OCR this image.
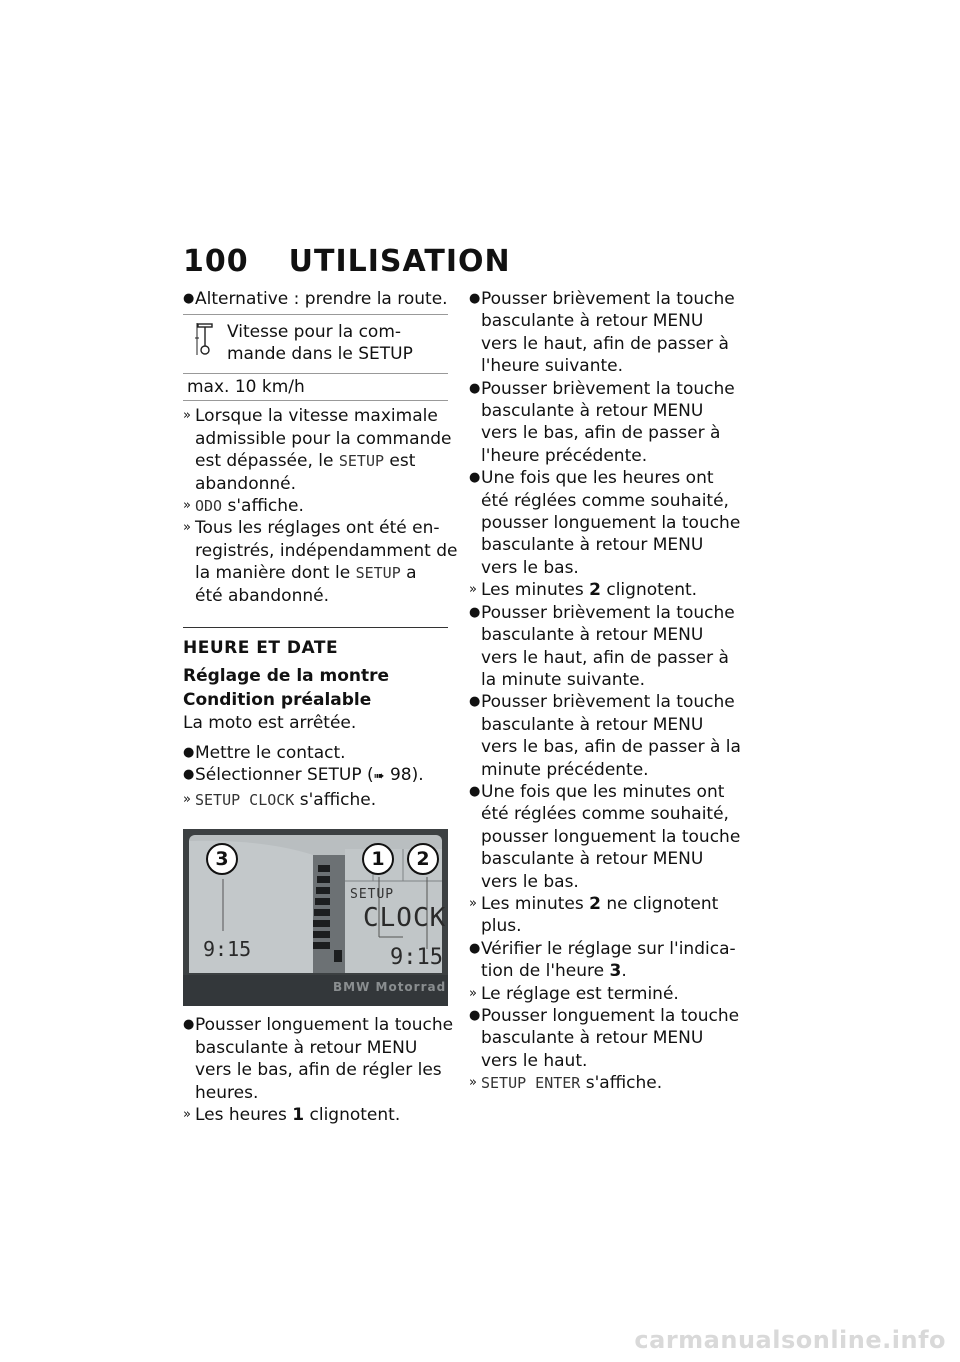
100 UTILISATION
● Alternative : prendre la route.
Vitesse pour la com-
mande dans le SETUP
max. 10 km/h
» Lorsque la vitesse maximale
admissible pour la commande
est dépassée, le SETUP est
abandonné.
» ODO s'affiche.
» Tous les réglages ont été en-
registrés, indépendamment de
la manière dont le SETUP a
été abandonné.
HEURE ET DATE
Réglage de la montre
Condition préalable
La moto est arrêtée.
● Mettre le contact.
● Sélectionner SETUP (➠ 98).
» SETUP CLOCK s'affiche.
SETUP
CLOCK
9:15	9:15
BMW Motorrad
3	1	2
● Pousser longuement la touche
basculante à retour MENU
vers le bas, afin de régler les
heures.
» Les heures 1 clignotent.
● Pousser brièvement la touche
basculante à retour MENU
vers le haut, afin de passer à
l'heure suivante.
● Pousser brièvement la touche
basculante à retour MENU
vers le bas, afin de passer à
l'heure précédente.
● Une fois que les heures ont
été réglées comme souhaité,
pousser longuement la touche
basculante à retour MENU
vers le bas.
» Les minutes 2 clignotent.
● Pousser brièvement la touche
basculante à retour MENU
vers le haut, afin de passer à
la minute suivante.
● Pousser brièvement la touche
basculante à retour MENU
vers le bas, afin de passer à la
minute précédente.
● Une fois que les minutes ont
été réglées comme souhaité,
pousser longuement la touche
basculante à retour MENU
vers le bas.
» Les minutes 2 ne clignotent
plus.
● Vérifier le réglage sur l'indica-
tion de l'heure 3.
» Le réglage est terminé.
● Pousser longuement la touche
basculante à retour MENU
vers le haut.
» SETUP ENTER s'affiche.
carmanualsonline.info
